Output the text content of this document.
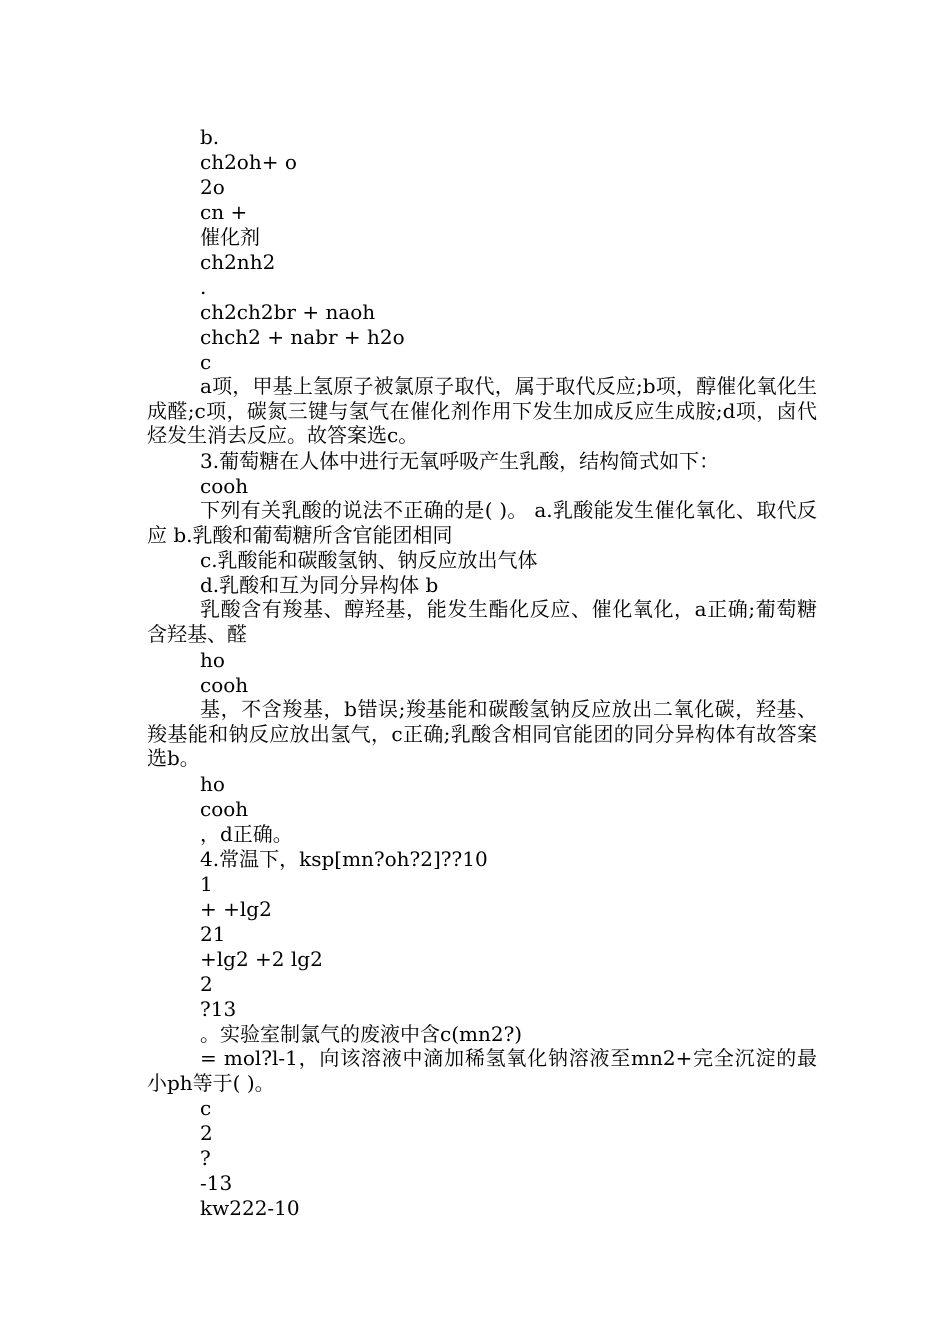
b.
ch2oh+ o
2o
cn +
催化剂
ch2nh2
.
ch2ch2br + naoh
chch2 + nabr + h2o
c
a项，甲基上氢原子被氯原子取代，属于取代反应;b项，醇催化氧化生成醛;c项，碳氮三键与氢气在催化剂作用下发生加成反应生成胺;d项，卤代烃发生消去反应。故答案选c。
3.葡萄糖在人体中进行无氧呼吸产生乳酸，结构简式如下：
cooh
下列有关乳酸的说法不正确的是( )。 a.乳酸能发生催化氧化、取代反应 b.乳酸和葡萄糖所含官能团相同
c.乳酸能和碳酸氢钠、钠反应放出气体
d.乳酸和互为同分异构体 b
乳酸含有羧基、醇羟基，能发生酯化反应、催化氧化，a正确;葡萄糖含羟基、醛
ho
cooh
基，不含羧基，b错误;羧基能和碳酸氢钠反应放出二氧化碳，羟基、羧基能和钠反应放出氢气，c正确;乳酸含相同官能团的同分异构体有故答案选b。
ho
cooh
，d正确。
4.常温下，ksp[mn?oh?2]??10
1
+ +lg2
21
+lg2 +2 lg2
2
?13
。实验室制氯气的废液中含c(mn2?)
= mol?l-1，向该溶液中滴加稀氢氧化钠溶液至mn2+完全沉淀的最小ph等于( )。
c
2
?
-13
kw222-10
